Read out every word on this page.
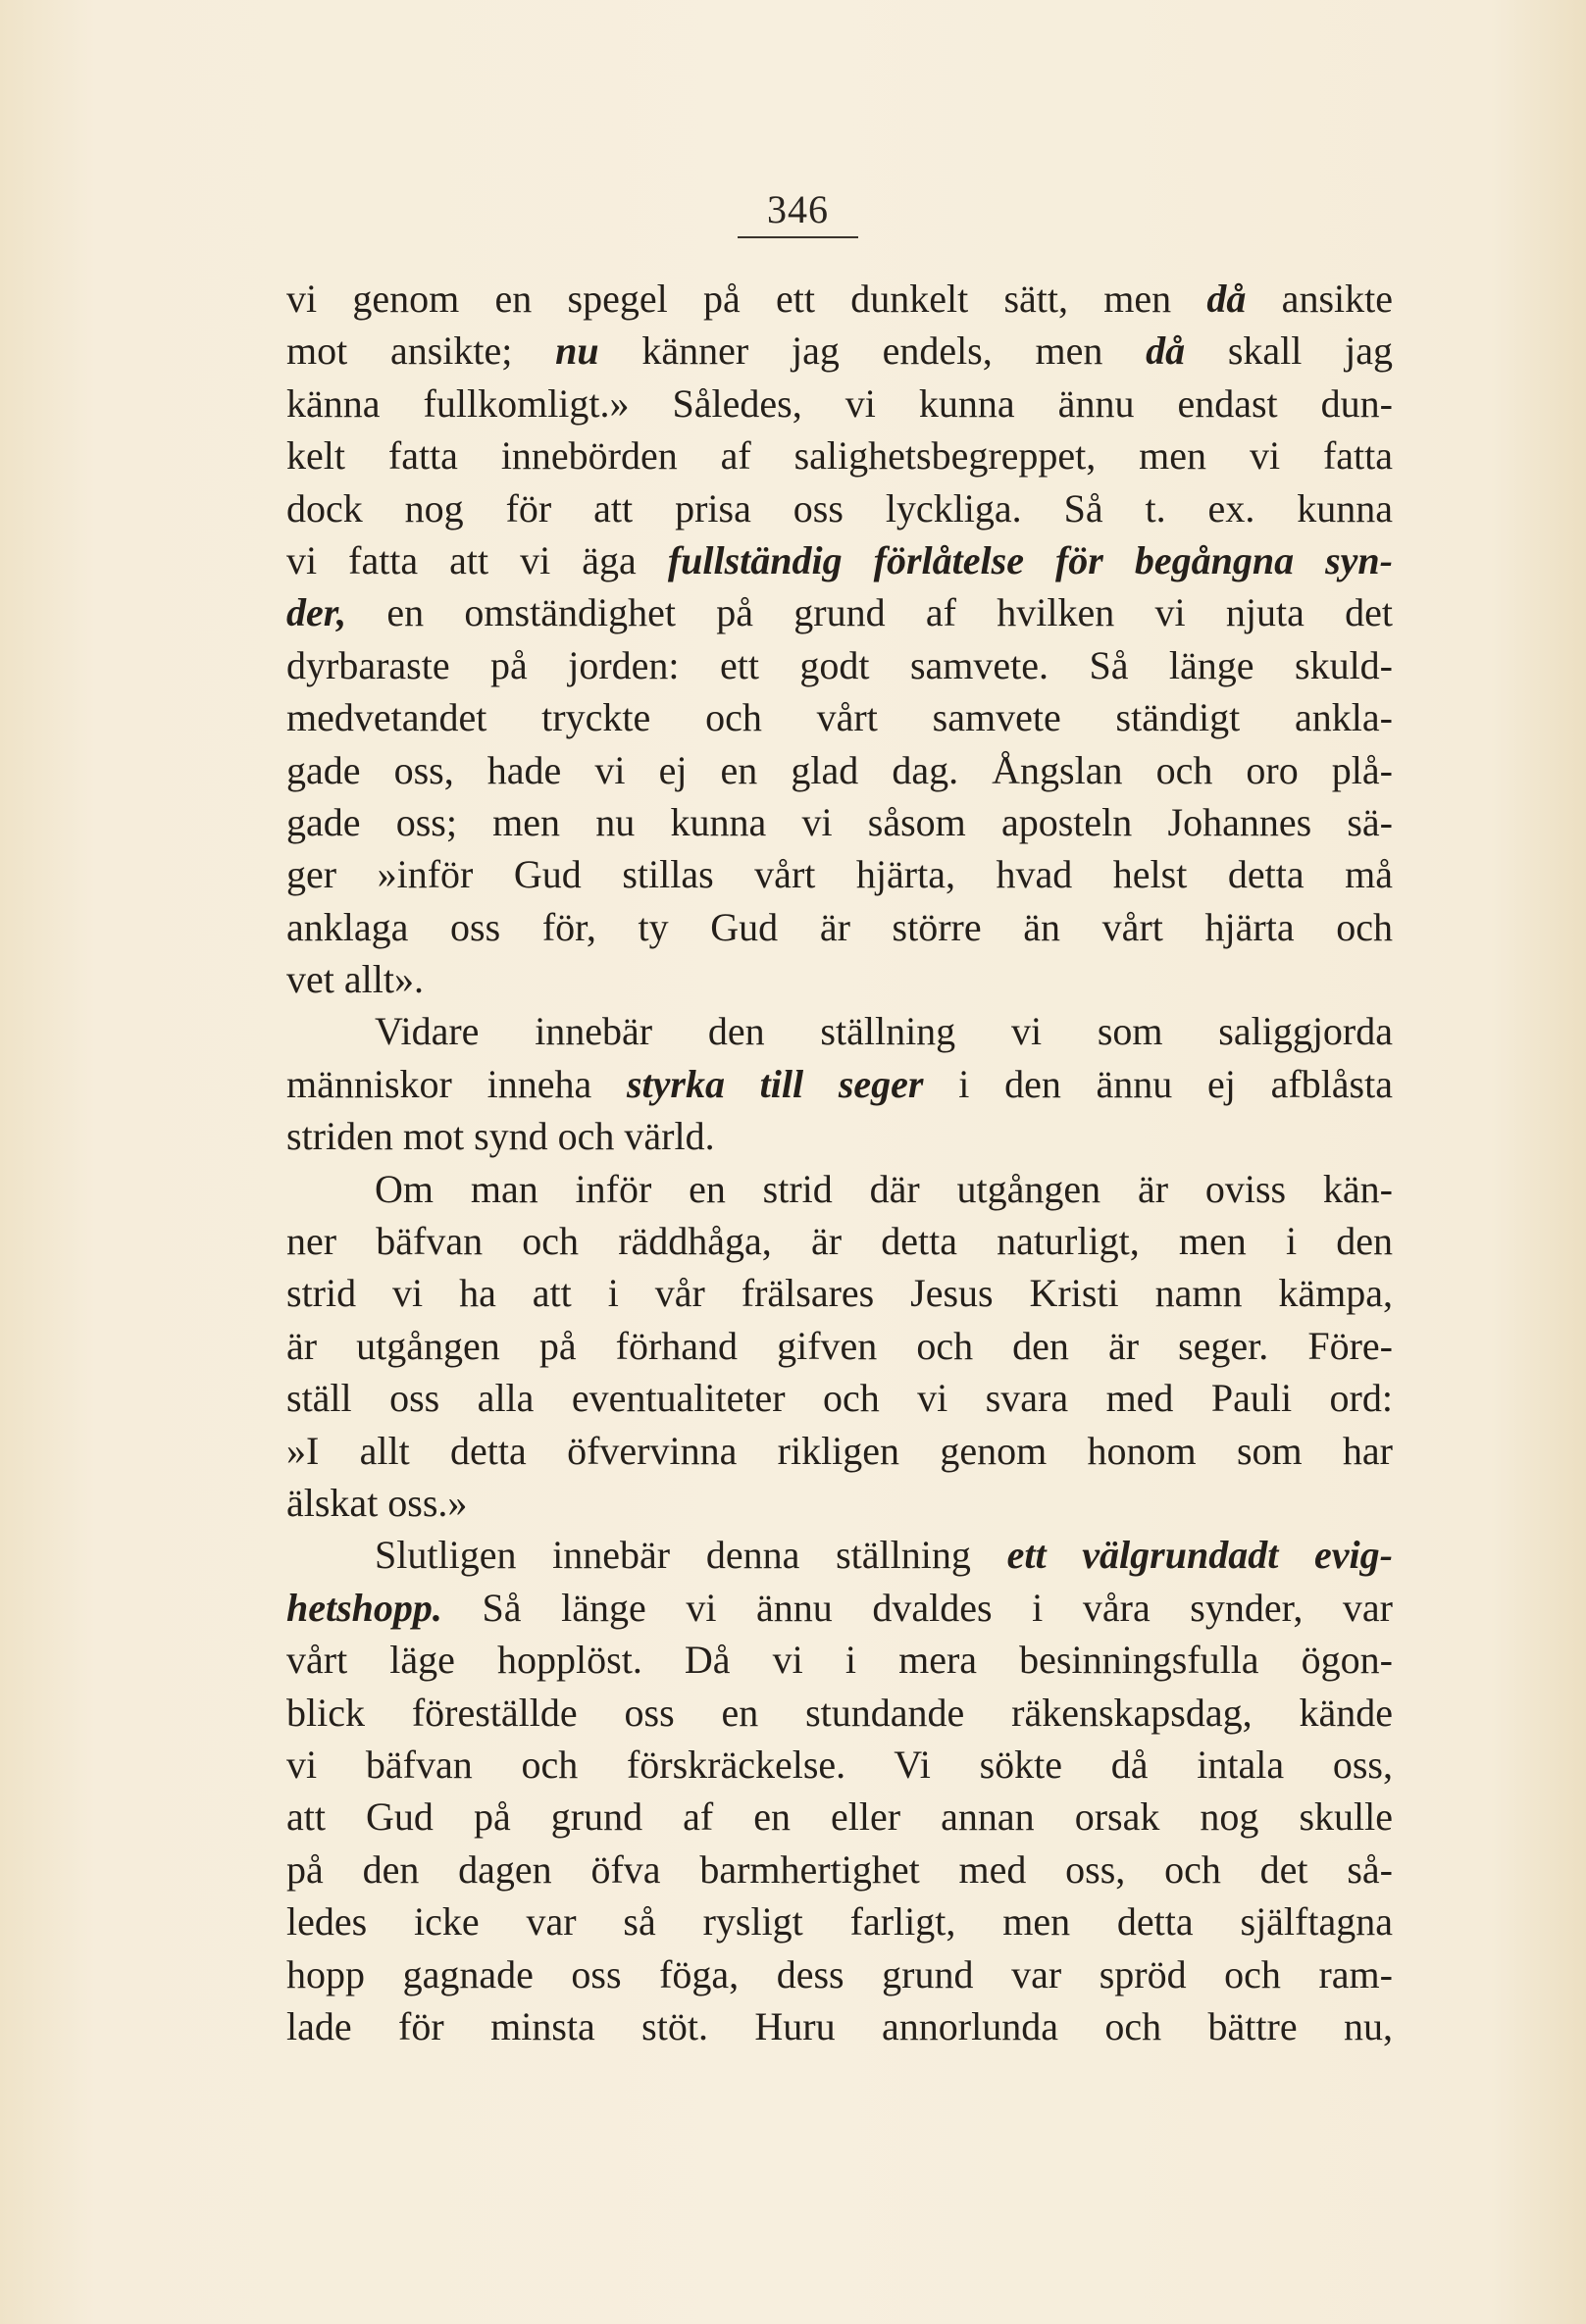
346
vi genom en spegel på ett dunkelt sätt, men då ansikte
mot ansikte; nu känner jag endels, men då skall jag
känna fullkomligt.» Således, vi kunna ännu endast dun-
kelt fatta innebörden af salighetsbegreppet, men vi fatta
dock nog för att prisa oss lyckliga. Så t. ex. kunna
vi fatta att vi äga fullständig förlåtelse för begångna syn-
der, en omständighet på grund af hvilken vi njuta det
dyrbaraste på jorden: ett godt samvete. Så länge skuld-
medvetandet tryckte och vårt samvete ständigt ankla-
gade oss, hade vi ej en glad dag. Ångslan och oro plå-
gade oss; men nu kunna vi såsom aposteln Johannes sä-
ger »inför Gud stillas vårt hjärta, hvad helst detta må
anklaga oss för, ty Gud är större än vårt hjärta och
vet allt».
Vidare innebär den ställning vi som saliggjorda
människor inneha styrka till seger i den ännu ej afblåsta
striden mot synd och värld.
Om man inför en strid där utgången är oviss kän-
ner bäfvan och räddhåga, är detta naturligt, men i den
strid vi ha att i vår frälsares Jesus Kristi namn kämpa,
är utgången på förhand gifven och den är seger. Före-
ställ oss alla eventualiteter och vi svara med Pauli ord:
»I allt detta öfvervinna rikligen genom honom som har
älskat oss.»
Slutligen innebär denna ställning ett välgrundadt evig-
hetshopp. Så länge vi ännu dvaldes i våra synder, var
vårt läge hopplöst. Då vi i mera besinningsfulla ögon-
blick föreställde oss en stundande räkenskapsdag, kände
vi bäfvan och förskräckelse. Vi sökte då intala oss,
att Gud på grund af en eller annan orsak nog skulle
på den dagen öfva barmhertighet med oss, och det så-
ledes icke var så rysligt farligt, men detta själftagna
hopp gagnade oss föga, dess grund var spröd och ram-
lade för minsta stöt. Huru annorlunda och bättre nu,
